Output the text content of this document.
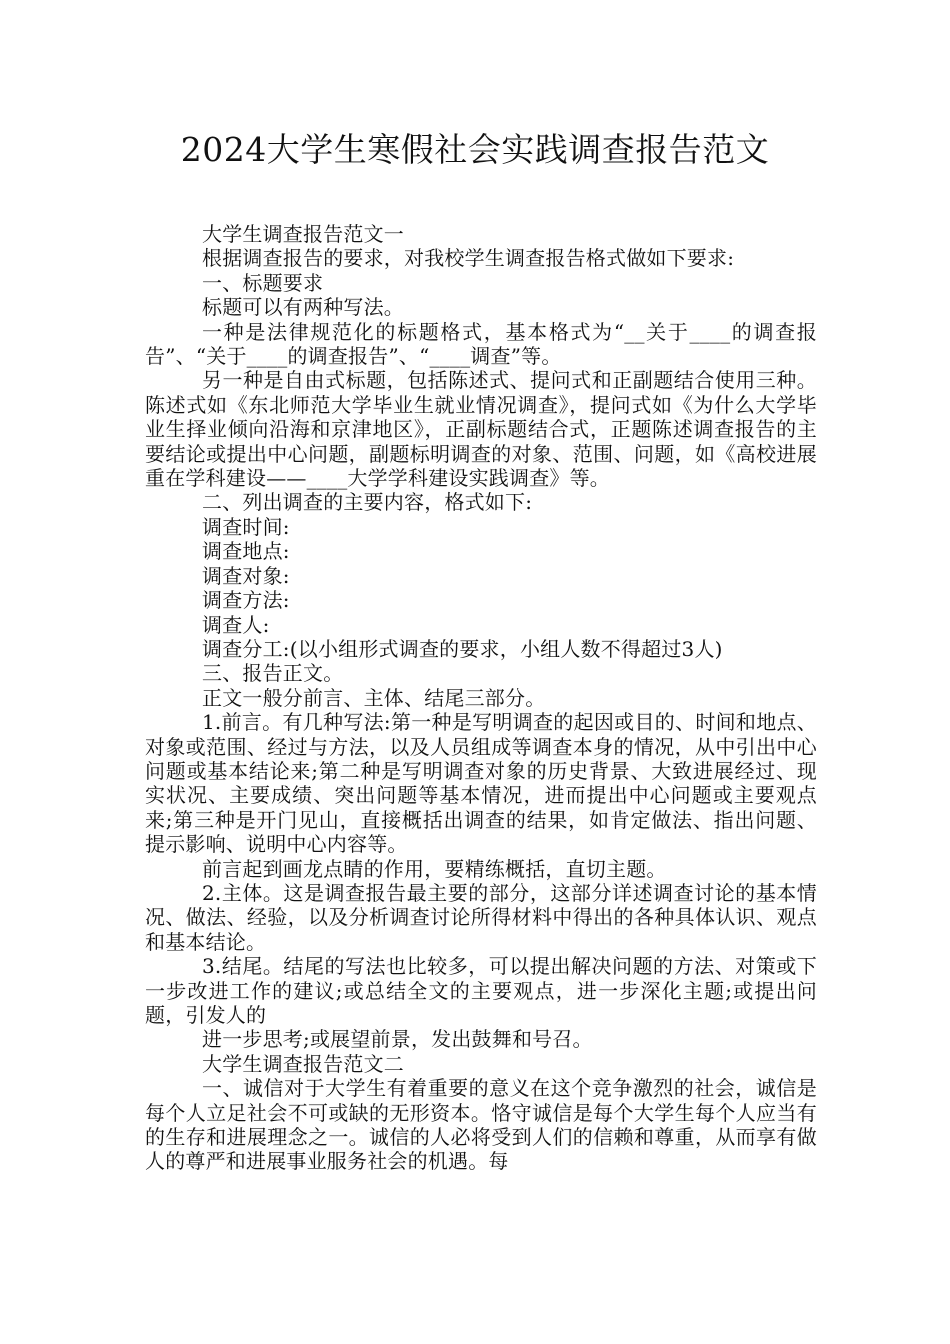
2024大学生寒假社会实践调查报告范文

大学生调查报告范文一

根据调查报告的要求，对我校学生调查报告格式做如下要求:

一、标题要求

标题可以有两种写法。

一种是法律规范化的标题格式，基本格式为“__关于____的调查报告”、“关于____的调查报告”、“____调查”等。

另一种是自由式标题，包括陈述式、提问式和正副题结合使用三种。陈述式如《东北师范大学毕业生就业情况调查》，提问式如《为什么大学毕业生择业倾向沿海和京津地区》，正副标题结合式，正题陈述调查报告的主要结论或提出中心问题，副题标明调查的对象、范围、问题，如《高校进展重在学科建设——____大学学科建设实践调查》等。

二、列出调查的主要内容，格式如下:

调查时间:

调查地点:

调查对象:

调查方法:

调查人:

调查分工:(以小组形式调查的要求，小组人数不得超过3人)

三、报告正文。

正文一般分前言、主体、结尾三部分。

1.前言。有几种写法:第一种是写明调查的起因或目的、时间和地点、对象或范围、经过与方法，以及人员组成等调查本身的情况，从中引出中心问题或基本结论来;第二种是写明调查对象的历史背景、大致进展经过、现实状况、主要成绩、突出问题等基本情况，进而提出中心问题或主要观点来;第三种是开门见山，直接概括出调查的结果，如肯定做法、指出问题、提示影响、说明中心内容等。

前言起到画龙点睛的作用，要精练概括，直切主题。

2.主体。这是调查报告最主要的部分，这部分详述调查讨论的基本情况、做法、经验，以及分析调查讨论所得材料中得出的各种具体认识、观点和基本结论。

3.结尾。结尾的写法也比较多，可以提出解决问题的方法、对策或下一步改进工作的建议;或总结全文的主要观点，进一步深化主题;或提出问题，引发人的

进一步思考;或展望前景，发出鼓舞和号召。

大学生调查报告范文二

一、诚信对于大学生有着重要的意义在这个竞争激烈的社会，诚信是每个人立足社会不可或缺的无形资本。恪守诚信是每个大学生每个人应当有的生存和进展理念之一。诚信的人必将受到人们的信赖和尊重，从而享有做人的尊严和进展事业服务社会的机遇。每
